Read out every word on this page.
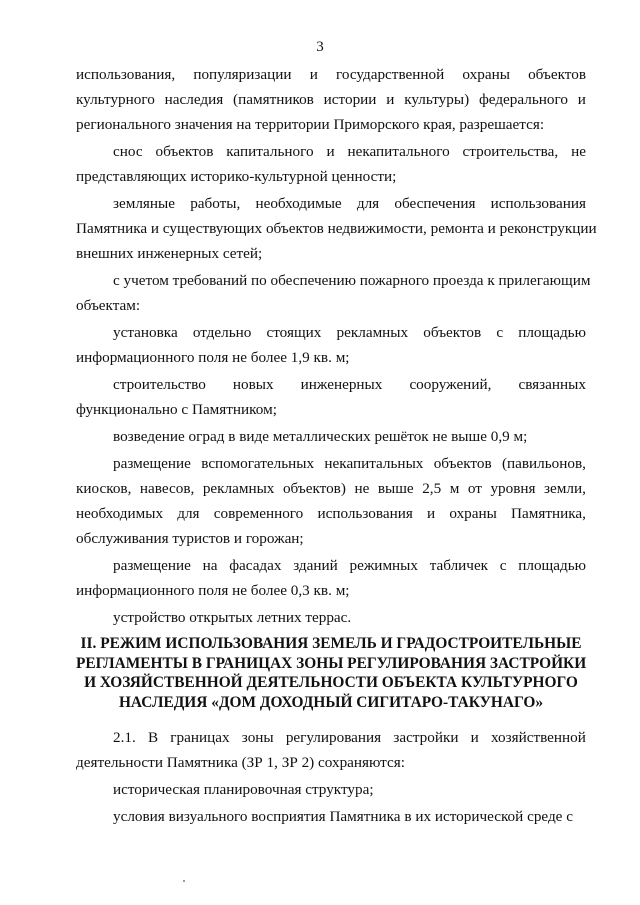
3
использования, популяризации и государственной охраны объектов
культурного наследия (памятников истории и культуры) федерального и
регионального значения на территории Приморского края, разрешается:
снос объектов капитального и некапитального строительства, не
представляющих историко-культурной ценности;
земляные работы, необходимые для обеспечения использования
Памятника и существующих объектов недвижимости, ремонта и реконструкции
внешних инженерных сетей;
с учетом требований по обеспечению пожарного проезда к прилегающим
объектам:
установка отдельно стоящих рекламных объектов с площадью
информационного поля не более 1,9 кв. м;
строительство новых инженерных сооружений, связанных
функционально с Памятником;
возведение оград в виде металлических решёток не выше 0,9 м;
размещение вспомогательных некапитальных объектов (павильонов,
киосков, навесов, рекламных объектов) не выше 2,5 м от уровня земли,
необходимых для современного использования и охраны Памятника,
обслуживания туристов и горожан;
размещение на фасадах зданий режимных табличек с площадью
информационного поля не более 0,3 кв. м;
устройство открытых летних террас.
II. РЕЖИМ ИСПОЛЬЗОВАНИЯ ЗЕМЕЛЬ И ГРАДОСТРОИТЕЛЬНЫЕ
РЕГЛАМЕНТЫ В ГРАНИЦАХ ЗОНЫ РЕГУЛИРОВАНИЯ ЗАСТРОЙКИ
И ХОЗЯЙСТВЕННОЙ ДЕЯТЕЛЬНОСТИ ОБЪЕКТА КУЛЬТУРНОГО
НАСЛЕДИЯ «ДОМ ДОХОДНЫЙ СИГИТАРО-ТАКУНАГО»
2.1. В границах зоны регулирования застройки и хозяйственной
деятельности Памятника (ЗР 1, ЗР 2) сохраняются:
историческая планировочная структура;
условия визуального восприятия Памятника в их исторической среде с
